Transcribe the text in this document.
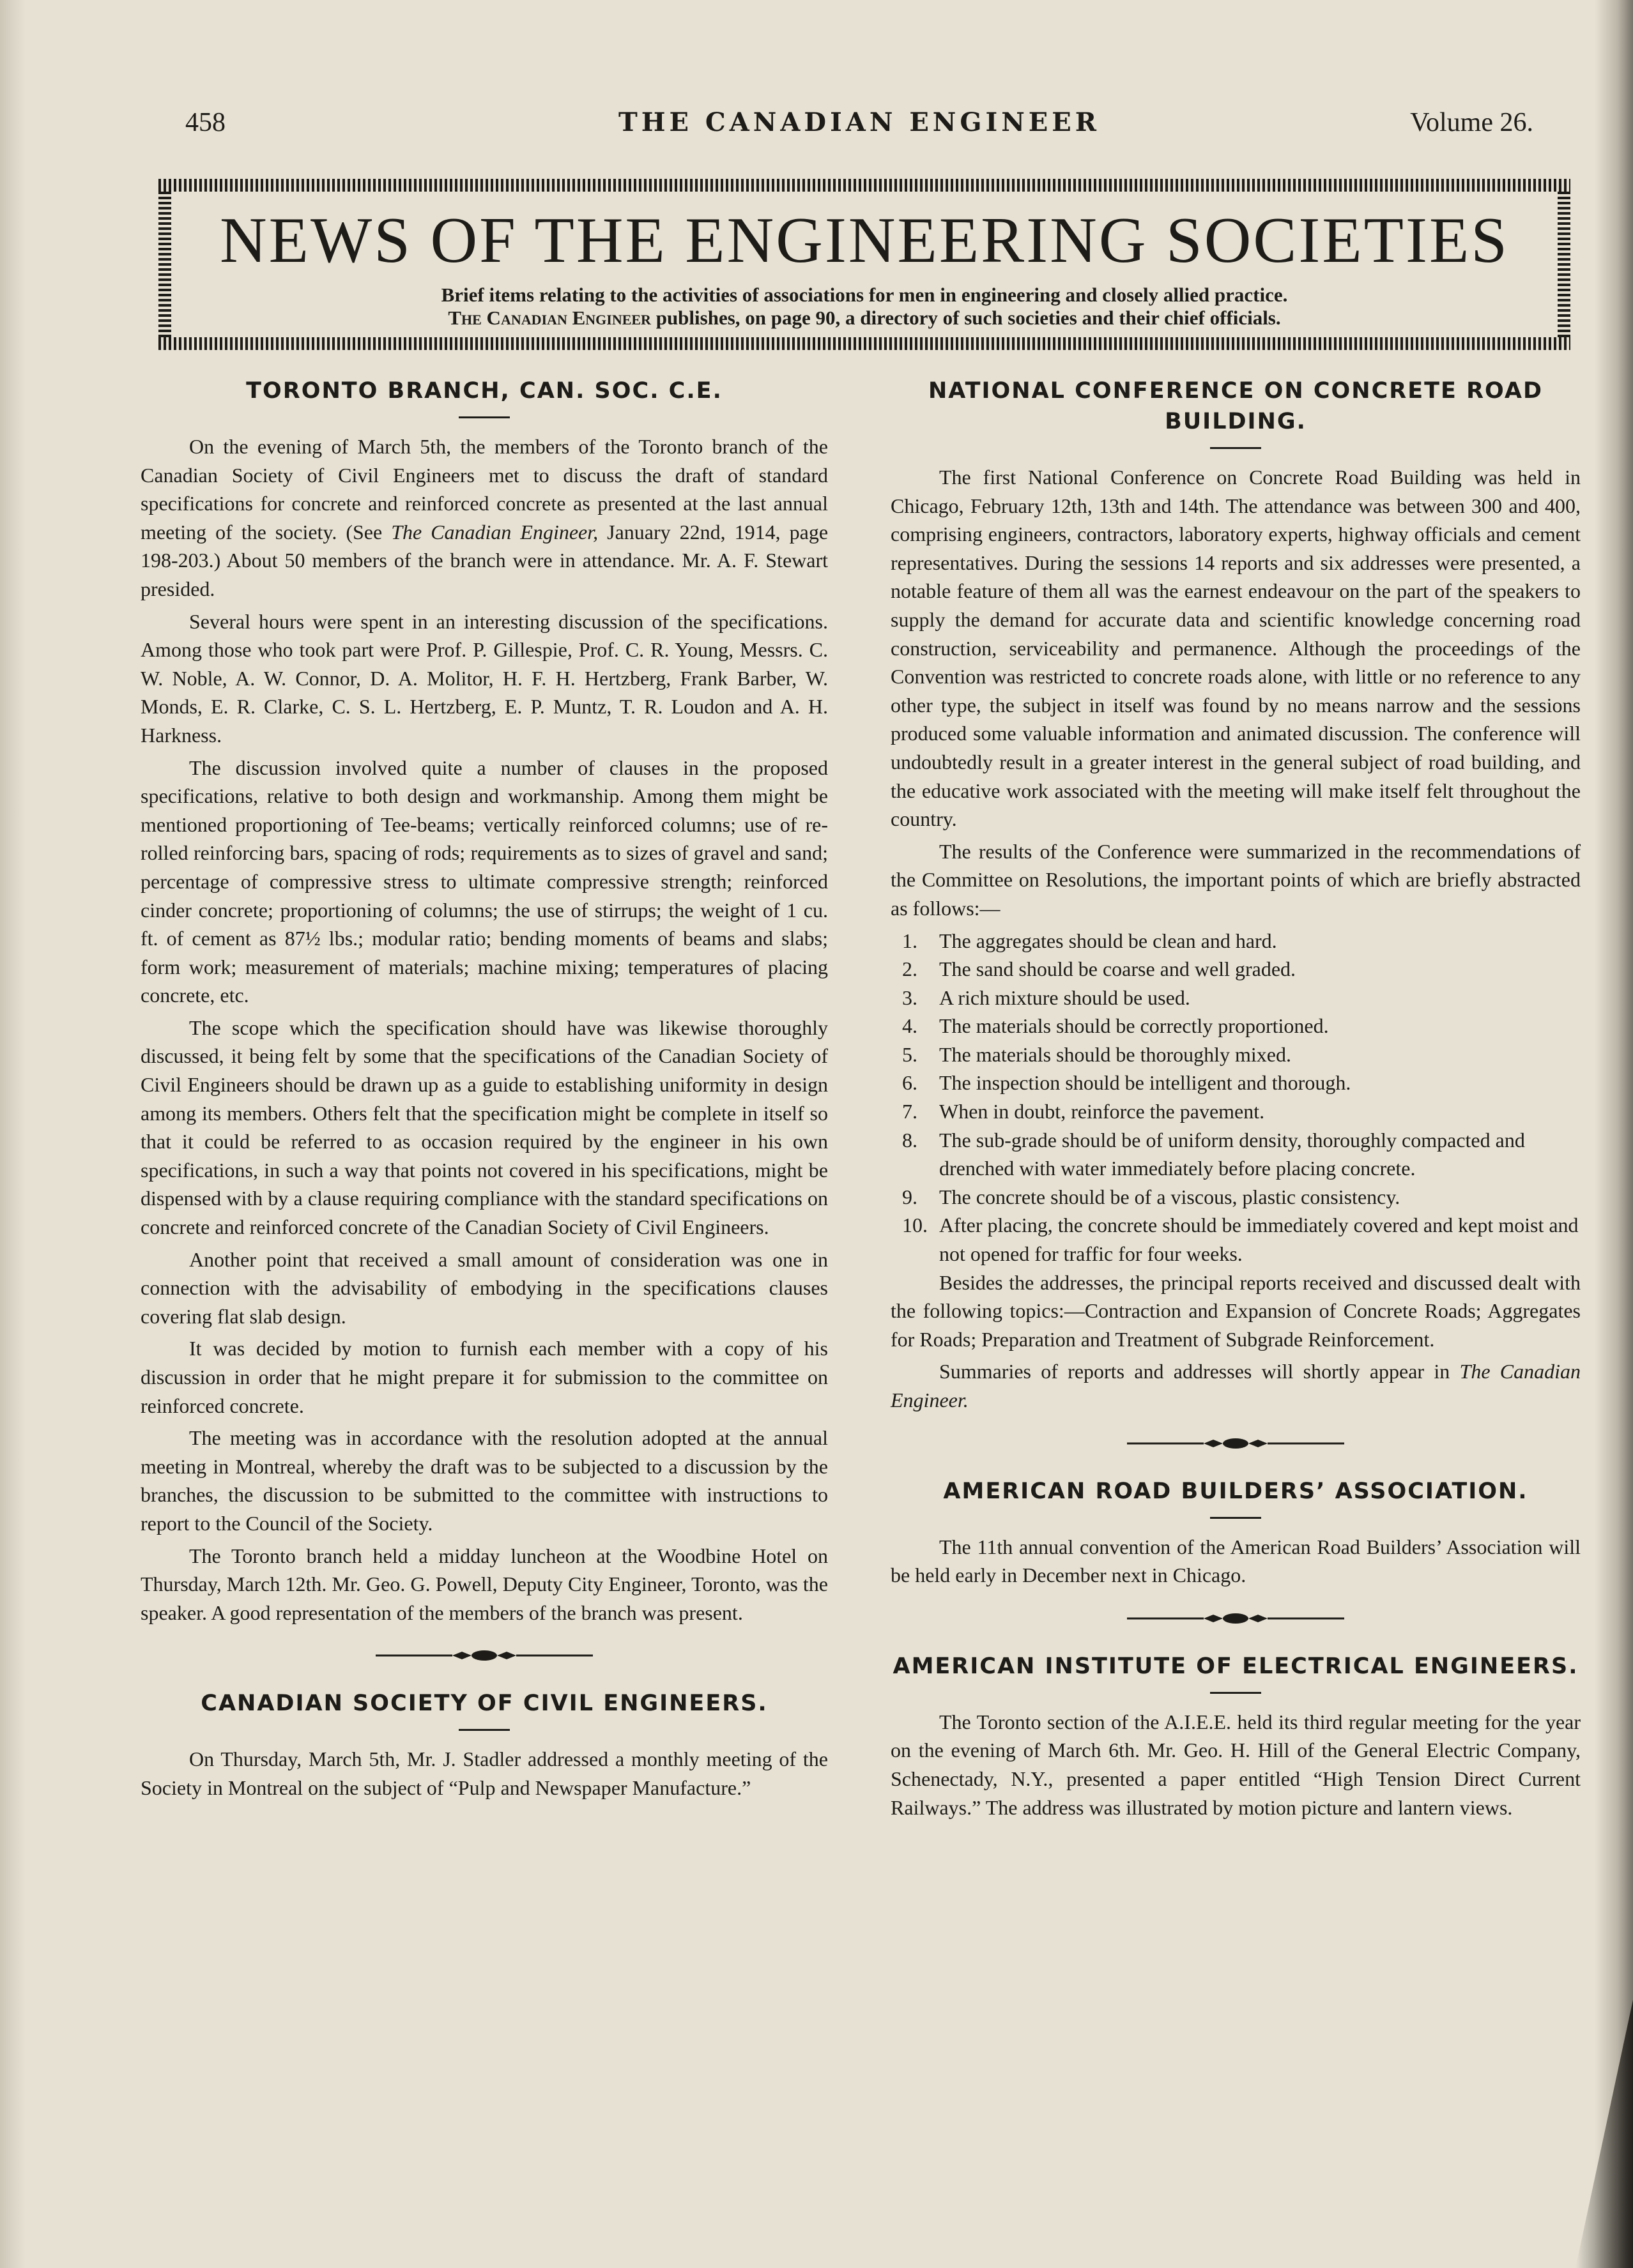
458	THE CANADIAN ENGINEER	Volume 26.
NEWS OF THE ENGINEERING SOCIETIES
Brief items relating to the activities of associations for men in engineering and closely allied practice.
The Canadian Engineer publishes, on page 90, a directory of such societies and their chief officials.
TORONTO BRANCH, CAN. SOC. C.E.

On the evening of March 5th, the members of the Toronto branch of the Canadian Society of Civil Engineers met to discuss the draft of standard specifications for concrete and reinforced concrete as presented at the last annual meeting of the society. (See The Canadian Engineer, January 22nd, 1914, page 198-203.) About 50 members of the branch were in attendance. Mr. A. F. Stewart presided.

Several hours were spent in an interesting discussion of the specifications. Among those who took part were Prof. P. Gillespie, Prof. C. R. Young, Messrs. C. W. Noble, A. W. Connor, D. A. Molitor, H. F. H. Hertzberg, Frank Barber, W. Monds, E. R. Clarke, C. S. L. Hertzberg, E. P. Muntz, T. R. Loudon and A. H. Harkness.

The discussion involved quite a number of clauses in the proposed specifications, relative to both design and workmanship. Among them might be mentioned proportioning of Tee-beams; vertically reinforced columns; use of re-rolled reinforcing bars, spacing of rods; requirements as to sizes of gravel and sand; percentage of compressive stress to ultimate compressive strength; reinforced cinder concrete; proportioning of columns; the use of stirrups; the weight of 1 cu. ft. of cement as 87½ lbs.; modular ratio; bending moments of beams and slabs; form work; measurement of materials; machine mixing; temperatures of placing concrete, etc.

The scope which the specification should have was likewise thoroughly discussed, it being felt by some that the specifications of the Canadian Society of Civil Engineers should be drawn up as a guide to establishing uniformity in design among its members. Others felt that the specification might be complete in itself so that it could be referred to as occasion required by the engineer in his own specifications, in such a way that points not covered in his specifications, might be dispensed with by a clause requiring compliance with the standard specifications on concrete and reinforced concrete of the Canadian Society of Civil Engineers.

Another point that received a small amount of consideration was one in connection with the advisability of embodying in the specifications clauses covering flat slab design.

It was decided by motion to furnish each member with a copy of his discussion in order that he might prepare it for submission to the committee on reinforced concrete.

The meeting was in accordance with the resolution adopted at the annual meeting in Montreal, whereby the draft was to be subjected to a discussion by the branches, the discussion to be submitted to the committee with instructions to report to the Council of the Society.

The Toronto branch held a midday luncheon at the Woodbine Hotel on Thursday, March 12th. Mr. Geo. G. Powell, Deputy City Engineer, Toronto, was the speaker. A good representation of the members of the branch was present.

CANADIAN SOCIETY OF CIVIL ENGINEERS.

On Thursday, March 5th, Mr. J. Stadler addressed a monthly meeting of the Society in Montreal on the subject of “Pulp and Newspaper Manufacture.”

NATIONAL CONFERENCE ON CONCRETE ROAD BUILDING.

The first National Conference on Concrete Road Building was held in Chicago, February 12th, 13th and 14th. The attendance was between 300 and 400, comprising engineers, contractors, laboratory experts, highway officials and cement representatives. During the sessions 14 reports and six addresses were presented, a notable feature of them all was the earnest endeavour on the part of the speakers to supply the demand for accurate data and scientific knowledge concerning road construction, serviceability and permanence. Although the proceedings of the Convention was restricted to concrete roads alone, with little or no reference to any other type, the subject in itself was found by no means narrow and the sessions produced some valuable information and animated discussion. The conference will undoubtedly result in a greater interest in the general subject of road building, and the educative work associated with the meeting will make itself felt throughout the country.

The results of the Conference were summarized in the recommendations of the Committee on Resolutions, the important points of which are briefly abstracted as follows:—

1. The aggregates should be clean and hard.

2. The sand should be coarse and well graded.

3. A rich mixture should be used.

4. The materials should be correctly proportioned.

5. The materials should be thoroughly mixed.

6. The inspection should be intelligent and thorough.

7. When in doubt, reinforce the pavement.

8. The sub-grade should be of uniform density, thoroughly compacted and drenched with water immediately before placing concrete.

9. The concrete should be of a viscous, plastic consistency.

10. After placing, the concrete should be immediately covered and kept moist and not opened for traffic for four weeks.

Besides the addresses, the principal reports received and discussed dealt with the following topics:—Contraction and Expansion of Concrete Roads; Aggregates for Roads; Preparation and Treatment of Subgrade Reinforcement.

Summaries of reports and addresses will shortly appear in The Canadian Engineer.

AMERICAN ROAD BUILDERS’ ASSOCIATION.

The 11th annual convention of the American Road Builders’ Association will be held early in December next in Chicago.

AMERICAN INSTITUTE OF ELECTRICAL ENGINEERS.

The Toronto section of the A.I.E.E. held its third regular meeting for the year on the evening of March 6th. Mr. Geo. H. Hill of the General Electric Company, Schenectady, N.Y., presented a paper entitled “High Tension Direct Current Railways.” The address was illustrated by motion picture and lantern views.
